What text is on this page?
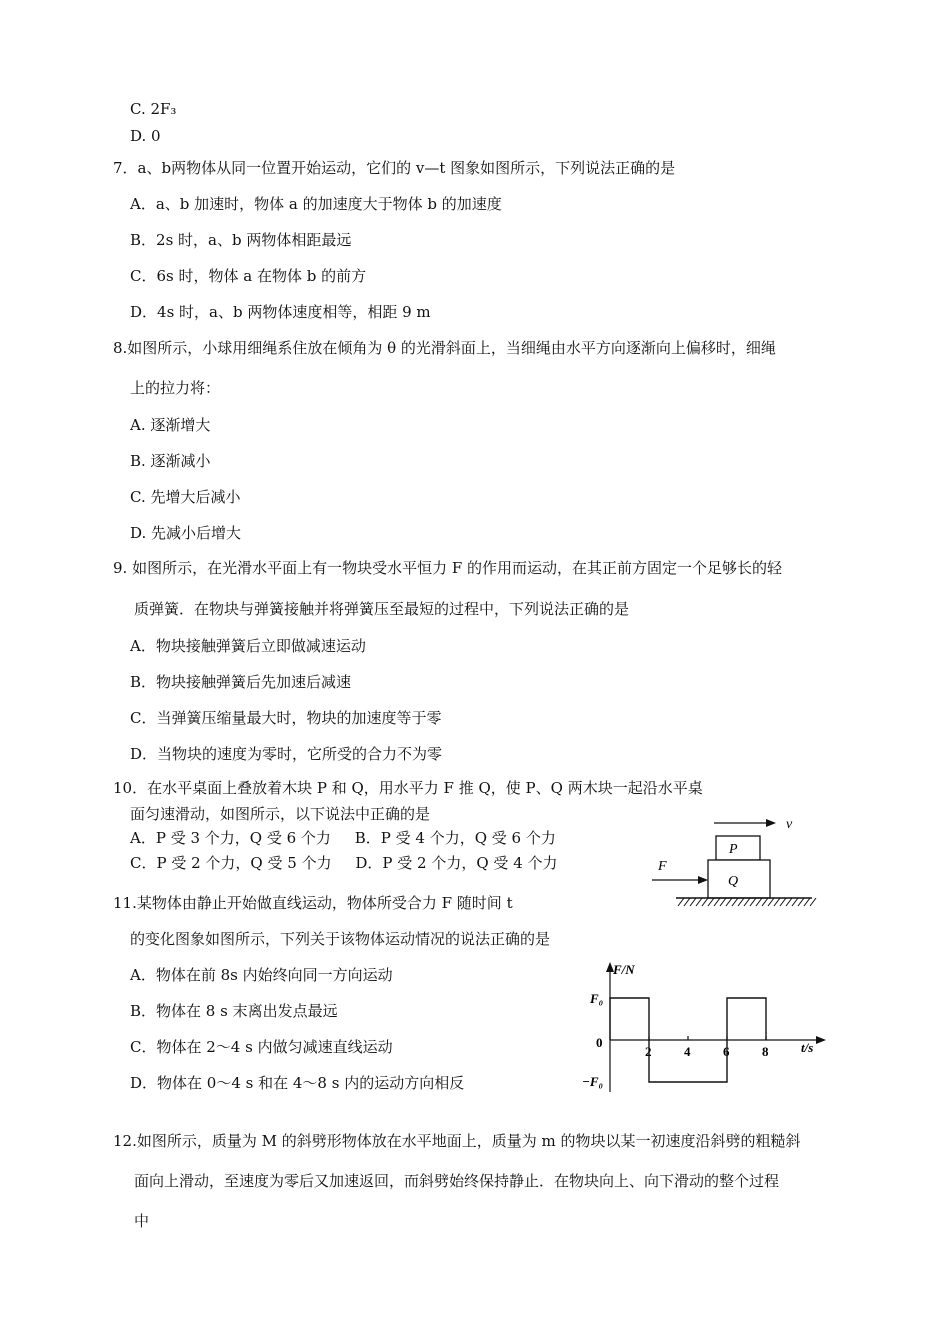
C. 2F₃
D. 0
7．a、b两物体从同一位置开始运动，它们的 v—t 图象如图所示，下列说法正确的是
A．a、b 加速时，物体 a 的加速度大于物体 b 的加速度
B．2s 时，a、b 两物体相距最远
C．6s 时，物体 a 在物体 b 的前方
D．4s 时，a、b 两物体速度相等，相距 9 m
8.如图所示，小球用细绳系住放在倾角为 θ 的光滑斜面上，当细绳由水平方向逐渐向上偏移时，细绳
上的拉力将：
A. 逐渐增大
B. 逐渐减小
C. 先增大后减小
D. 先减小后增大
9. 如图所示，在光滑水平面上有一物块受水平恒力 F 的作用而运动，在其正前方固定一个足够长的轻
质弹簧．在物块与弹簧接触并将弹簧压至最短的过程中，下列说法正确的是
A．物块接触弹簧后立即做减速运动
B．物块接触弹簧后先加速后减速
C．当弹簧压缩量最大时，物块的加速度等于零
D．当物块的速度为零时，它所受的合力不为零
10．在水平桌面上叠放着木块 P 和 Q，用水平力 F 推 Q，使 P、Q 两木块一起沿水平桌
面匀速滑动，如图所示，以下说法中正确的是
A．P 受 3 个力，Q 受 6 个力     B．P 受 4 个力，Q 受 6 个力
C．P 受 2 个力，Q 受 5 个力     D．P 受 2 个力，Q 受 4 个力
11.某物体由静止开始做直线运动，物体所受合力 F 随时间 t
的变化图象如图所示，下列关于该物体运动情况的说法正确的是
A．物体在前 8s 内始终向同一方向运动
B．物体在 8 s 末离出发点最远
C．物体在 2～4 s 内做匀减速直线运动
D．物体在 0～4 s 和在 4～8 s 内的运动方向相反
12.如图所示，质量为 M 的斜劈形物体放在水平地面上，质量为 m 的物块以某一初速度沿斜劈的粗糙斜
面向上滑动，至速度为零后又加速返回，而斜劈始终保持静止．在物块向上、向下滑动的整个过程
中
v
P
Q
F
F/N
t/s
0
F₀
−F₀
2	4	6	8
